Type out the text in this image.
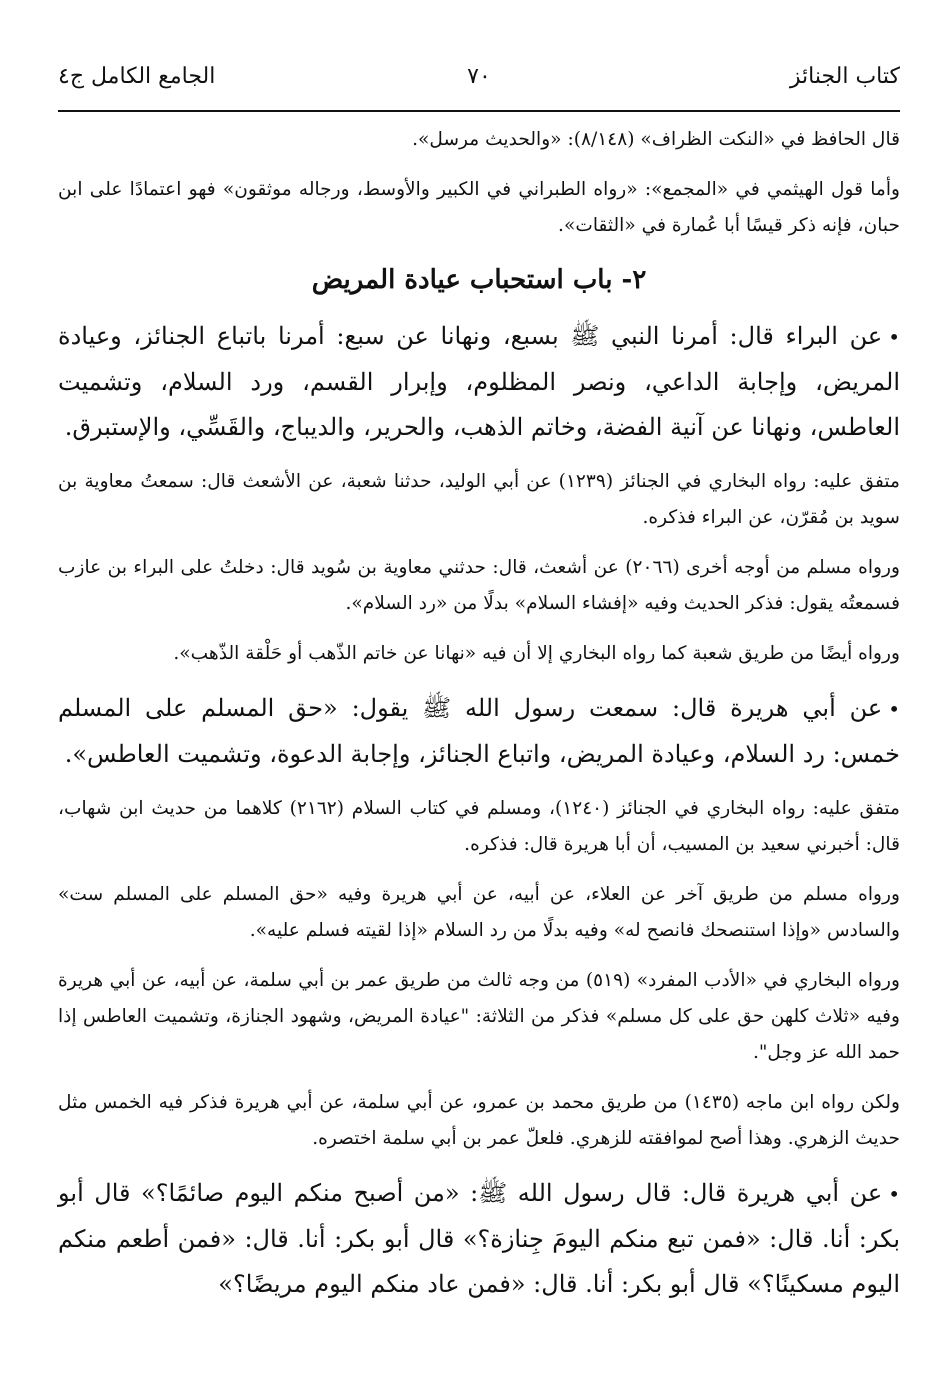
كتاب الجنائز
٧٠
الجامع الكامل ج٤

قال الحافظ في «النكت الظراف» (٨/١٤٨): «والحديث مرسل».

وأما قول الهيثمي في «المجمع»: «رواه الطبراني في الكبير والأوسط، ورجاله موثقون» فهو اعتمادًا على ابن حبان، فإنه ذكر قيسًا أبا عُمارة في «الثقات».

٢- باب استحباب عيادة المريض

•عن البراء قال: أمرنا النبي ﷺ بسبع، ونهانا عن سبع: أمرنا باتباع الجنائز، وعيادة المريض، وإجابة الداعي، ونصر المظلوم، وإبرار القسم، ورد السلام، وتشميت العاطس، ونهانا عن آنية الفضة، وخاتم الذهب، والحرير، والديباج، والقَسِّي، والإستبرق.

متفق عليه: رواه البخاري في الجنائز (١٢٣٩) عن أبي الوليد، حدثنا شعبة، عن الأشعث قال: سمعتُ معاوية بن سويد بن مُقرّن، عن البراء فذكره.

ورواه مسلم من أوجه أخرى (٢٠٦٦) عن أشعث، قال: حدثني معاوية بن سُويد قال: دخلتُ على البراء بن عازب فسمعتُه يقول: فذكر الحديث وفيه «إفشاء السلام» بدلًا من «رد السلام».

ورواه أيضًا من طريق شعبة كما رواه البخاري إلا أن فيه «نهانا عن خاتم الذّهب أو حَلْقة الذّهب».

•عن أبي هريرة قال: سمعت رسول الله ﷺ يقول: «حق المسلم على المسلم خمس: رد السلام، وعيادة المريض، واتباع الجنائز، وإجابة الدعوة، وتشميت العاطس».

متفق عليه: رواه البخاري في الجنائز (١٢٤٠)، ومسلم في كتاب السلام (٢١٦٢) كلاهما من حديث ابن شهاب، قال: أخبرني سعيد بن المسيب، أن أبا هريرة قال: فذكره.

ورواه مسلم من طريق آخر عن العلاء، عن أبيه، عن أبي هريرة وفيه «حق المسلم على المسلم ست» والسادس «وإذا استنصحك فانصح له» وفيه بدلًا من رد السلام «إذا لقيته فسلم عليه».

ورواه البخاري في «الأدب المفرد» (٥١٩) من وجه ثالث من طريق عمر بن أبي سلمة، عن أبيه، عن أبي هريرة وفيه «ثلاث كلهن حق على كل مسلم» فذكر من الثلاثة: "عيادة المريض، وشهود الجنازة، وتشميت العاطس إذا حمد الله عز وجل".

ولكن رواه ابن ماجه (١٤٣٥) من طريق محمد بن عمرو، عن أبي سلمة، عن أبي هريرة فذكر فيه الخمس مثل حديث الزهري. وهذا أصح لموافقته للزهري. فلعلّ عمر بن أبي سلمة اختصره.

•عن أبي هريرة قال: قال رسول الله ﷺ: «من أصبح منكم اليوم صائمًا؟» قال أبو بكر: أنا. قال: «فمن تبع منكم اليومَ جِنازة؟» قال أبو بكر: أنا. قال: «فمن أطعم منكم اليوم مسكينًا؟» قال أبو بكر: أنا. قال: «فمن عاد منكم اليوم مريضًا؟»
